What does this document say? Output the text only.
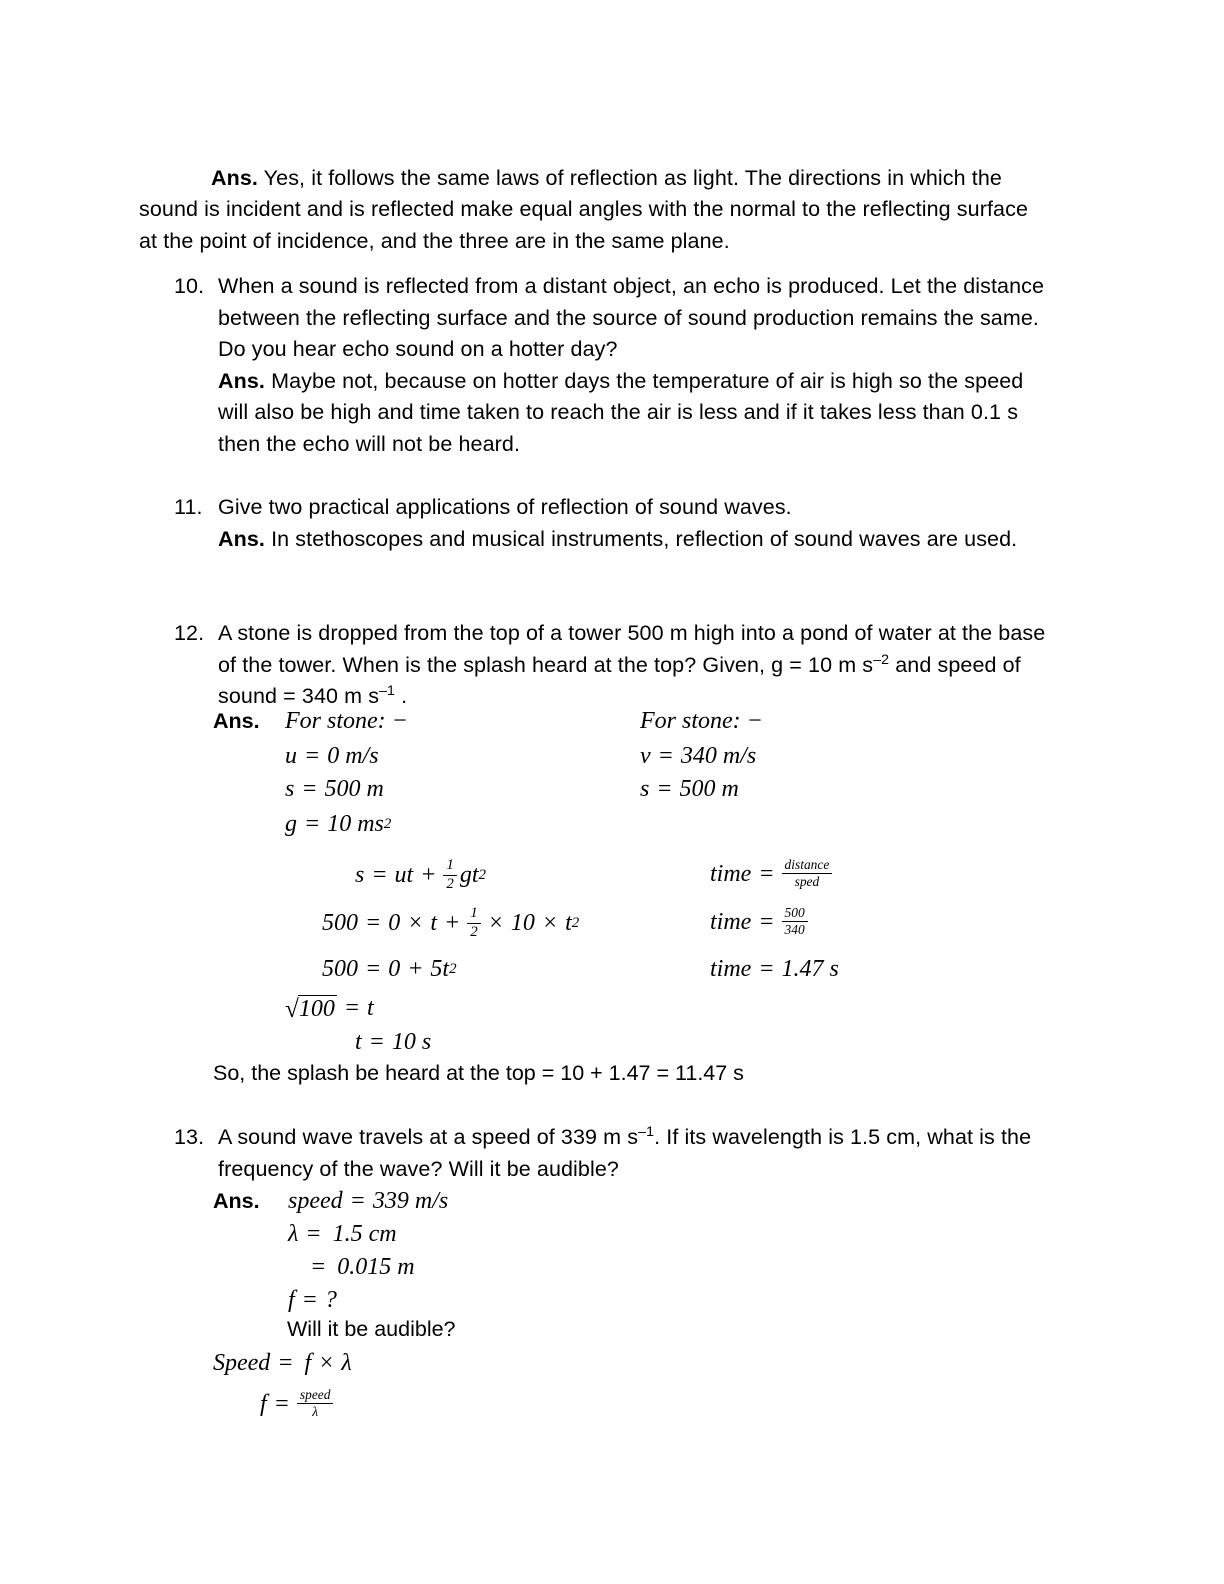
Ans. Yes, it follows the same laws of reflection as light. The directions in which the sound is incident and is reflected make equal angles with the normal to the reflecting surface at the point of incidence, and the three are in the same plane.

10. When a sound is reflected from a distant object, an echo is produced. Let the distance between the reflecting surface and the source of sound production remains the same. Do you hear echo sound on a hotter day?
Ans. Maybe not, because on hotter days the temperature of air is high so the speed will also be high and time taken to reach the air is less and if it takes less than 0.1 s then the echo will not be heard.
11. Give two practical applications of reflection of sound waves.
Ans. In stethoscopes and musical instruments, reflection of sound waves are used.
12. A stone is dropped from the top of a tower 500 m high into a pond of water at the base of the tower. When is the splash heard at the top? Given, g = 10 m $s^{-2}$ and speed of sound = 340 m $s^{-1}$ .
Ans. For stone: −
u = 0 m/s
s = 500 m
g = 10 ms 2
s = ut + $\frac{1}{2}$ gt 2
$500 = 0 \times t + \frac{1}{2} \times 10 \times t$ 2
500 = 0 + 5t 2
√ 100 = t
t = 10 s
For stone: −
v = 340 m/s
s = 500 m
time = $\frac{\text{distance}}{\text{sped}}$
time = $\frac{500}{340}$
time = 1.47 s
So, the splash be heard at the top = 10 + 1.47 = 11.47 s
13. A sound wave travels at a speed of 339 m $s^{-1}$. If its wavelength is 1.5 cm, what is the frequency of the wave? Will it be audible?
Ans. speed = 339 m/s
λ = 1.5 cm
= 0.015 m
f = ?
Will it be audible?
Speed = f × λ
$f = \frac{\text{speed}}{\lambda}$
